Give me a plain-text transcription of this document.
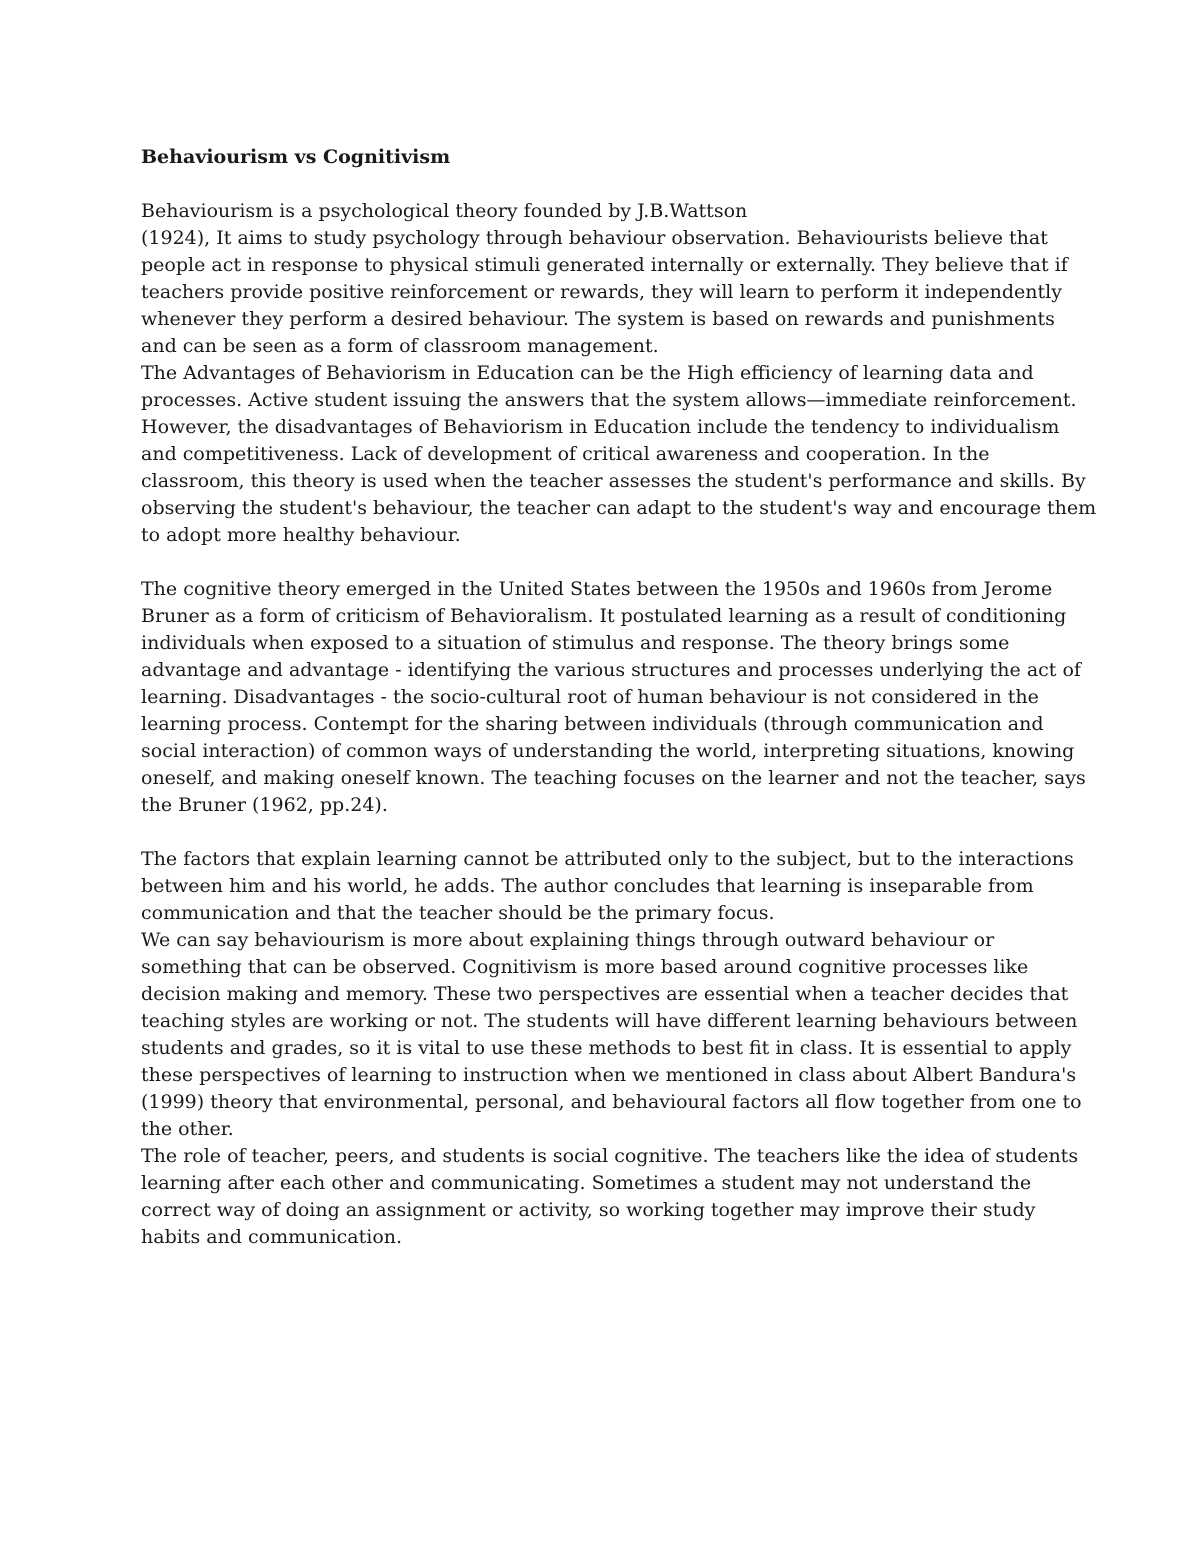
Behaviourism vs Cognitivism

Behaviourism is a psychological theory founded by J.B.Wattson
(1924), It aims to study psychology through behaviour observation. Behaviourists believe that
people act in response to physical stimuli generated internally or externally. They believe that if
teachers provide positive reinforcement or rewards, they will learn to perform it independently
whenever they perform a desired behaviour. The system is based on rewards and punishments
and can be seen as a form of classroom management.
The Advantages of Behaviorism in Education can be the High efficiency of learning data and
processes. Active student issuing the answers that the system allows—immediate reinforcement.
However, the disadvantages of Behaviorism in Education include the tendency to individualism
and competitiveness. Lack of development of critical awareness and cooperation. In the
classroom, this theory is used when the teacher assesses the student's performance and skills. By
observing the student's behaviour, the teacher can adapt to the student's way and encourage them
to adopt more healthy behaviour.
The cognitive theory emerged in the United States between the 1950s and 1960s from Jerome
Bruner as a form of criticism of Behavioralism. It postulated learning as a result of conditioning
individuals when exposed to a situation of stimulus and response. The theory brings some
advantage and advantage - identifying the various structures and processes underlying the act of
learning. Disadvantages - the socio-cultural root of human behaviour is not considered in the
learning process. Contempt for the sharing between individuals (through communication and
social interaction) of common ways of understanding the world, interpreting situations, knowing
oneself, and making oneself known. The teaching focuses on the learner and not the teacher, says
the Bruner (1962, pp.24).
The factors that explain learning cannot be attributed only to the subject, but to the interactions
between him and his world, he adds. The author concludes that learning is inseparable from
communication and that the teacher should be the primary focus.
We can say behaviourism is more about explaining things through outward behaviour or
something that can be observed. Cognitivism is more based around cognitive processes like
decision making and memory. These two perspectives are essential when a teacher decides that
teaching styles are working or not. The students will have different learning behaviours between
students and grades, so it is vital to use these methods to best fit in class. It is essential to apply
these perspectives of learning to instruction when we mentioned in class about Albert Bandura's
(1999) theory that environmental, personal, and behavioural factors all flow together from one to
the other.
The role of teacher, peers, and students is social cognitive. The teachers like the idea of students
learning after each other and communicating. Sometimes a student may not understand the
correct way of doing an assignment or activity, so working together may improve their study
habits and communication.
